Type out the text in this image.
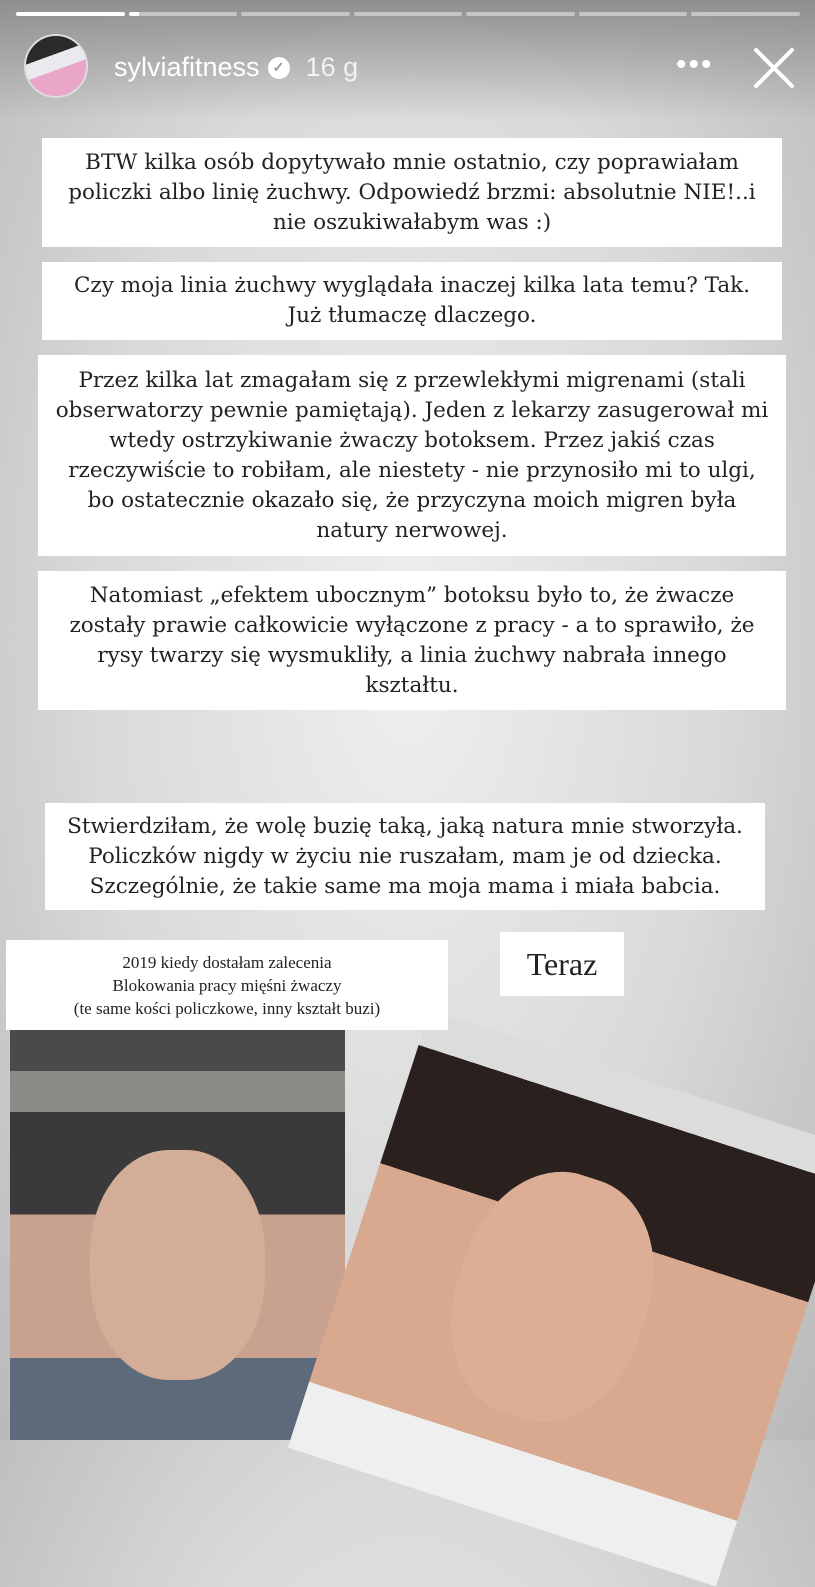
sylviafitness ✓ 16 g	•••
BTW kilka osób dopytywało mnie ostatnio, czy poprawiałam policzki albo linię żuchwy. Odpowiedź brzmi: absolutnie NIE!..i nie oszukiwałabym was :)
Czy moja linia żuchwy wyglądała inaczej kilka lata temu? Tak. Już tłumaczę dlaczego.
Przez kilka lat zmagałam się z przewlekłymi migrenami (stali obserwatorzy pewnie pamiętają). Jeden z lekarzy zasugerował mi wtedy ostrzykiwanie żwaczy botoksem. Przez jakiś czas rzeczywiście to robiłam, ale niestety - nie przynosiło mi to ulgi, bo ostatecznie okazało się, że przyczyna moich migren była natury nerwowej.
Natomiast „efektem ubocznym” botoksu było to, że żwacze zostały prawie całkowicie wyłączone z pracy - a to sprawiło, że rysy twarzy się wysmukliły, a linia żuchwy nabrała innego kształtu.
Stwierdziłam, że wolę buzię taką, jaką natura mnie stworzyła. Policzków nigdy w życiu nie ruszałam, mam je od dziecka. Szczególnie, że takie same ma moja mama i miała babcia.
2019 kiedy dostałam zalecenia
Blokowania pracy mięśni żwaczy
(te same kości policzkowe, inny kształt buzi)
Teraz
